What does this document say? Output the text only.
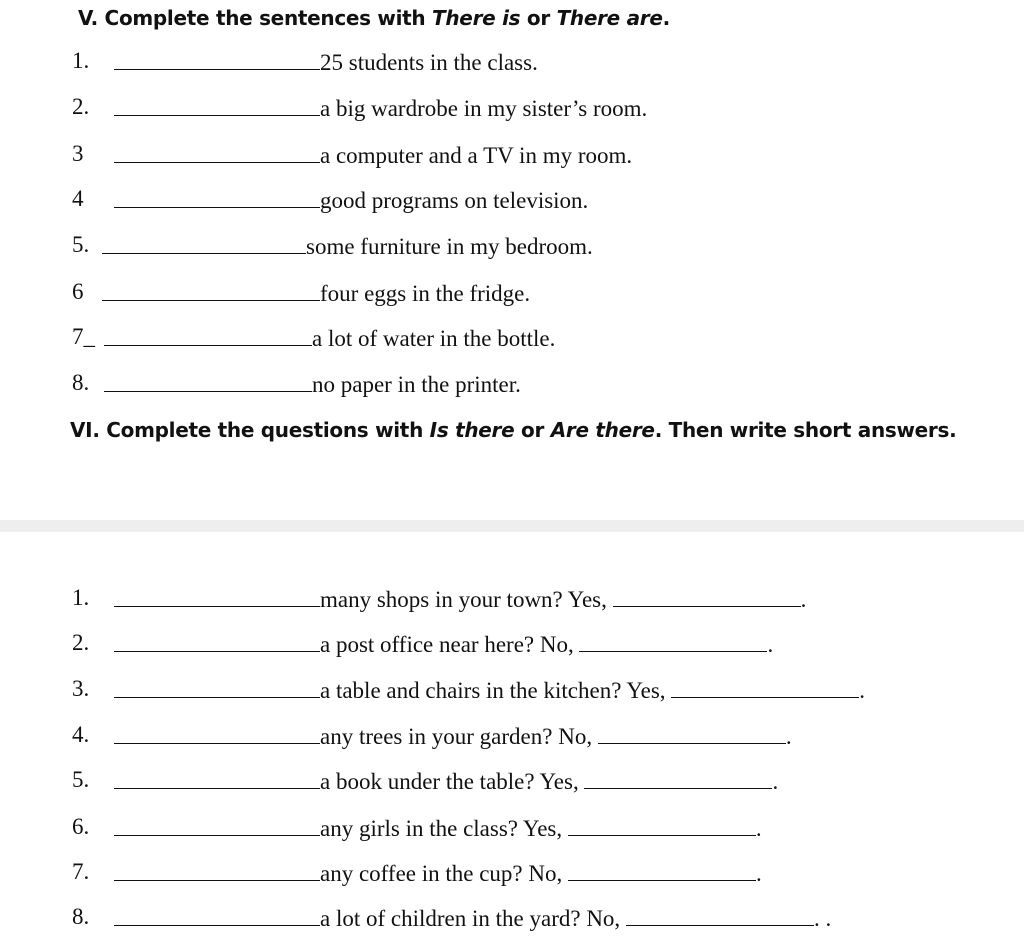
V. Complete the sentences with There is or There are.
1.	25 students in the class.
2.	a big wardrobe in my sister’s room.
3	a computer and a TV in my room.
4	good programs on television.
5.	some furniture in my bedroom.
6	four eggs in the fridge.
7_	a lot of water in the bottle.
8.	no paper in the printer.
VI. Complete the questions with Is there or Are there. Then write short answers.
1.	many shops in your town? Yes,	.
2.	a post office near here? No,	.
3.	a table and chairs in the kitchen? Yes,	.
4.	any trees in your garden? No,	.
5.	a book under the table? Yes,	.
6.	any girls in the class? Yes,	.
7.	any coffee in the cup? No,	.
8.	a lot of children in the yard? No,	. .
